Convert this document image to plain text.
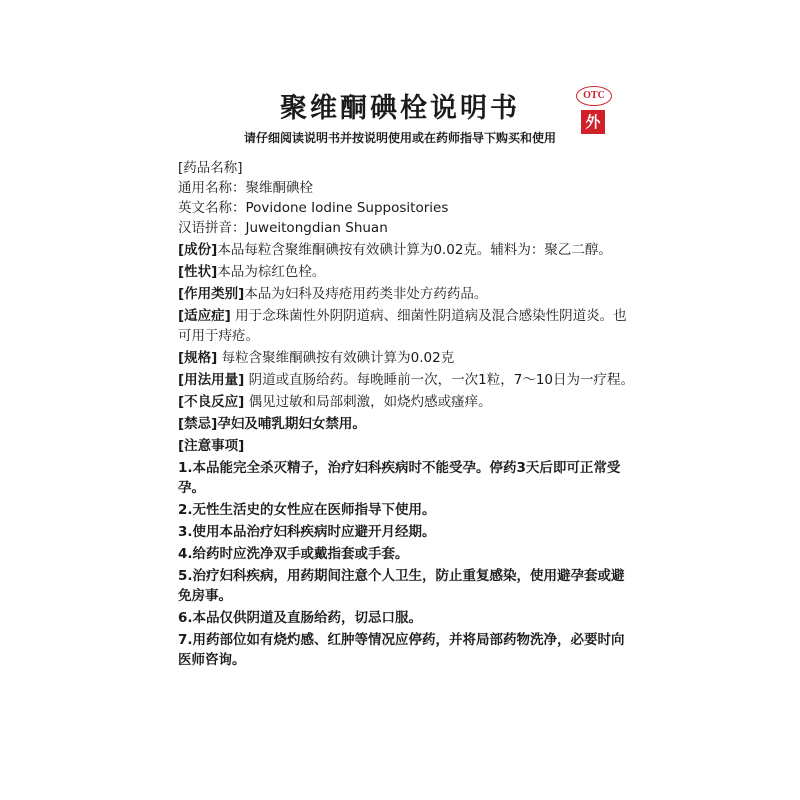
聚维酮碘栓说明书
请仔细阅读说明书并按说明使用或在药师指导下购买和使用
OTC
外

[药品名称]

通用名称：聚维酮碘栓

英文名称：Povidone Iodine Suppositories

汉语拼音：Juweitongdian Shuan

[成份]本品每粒含聚维酮碘按有效碘计算为0.02克。辅料为：聚乙二醇。

[性状]本品为棕红色栓。

[作用类别]本品为妇科及痔疮用药类非处方药药品。

[适应症] 用于念珠菌性外阴阴道病、细菌性阴道病及混合感染性阴道炎。也可用于痔疮。

[规格] 每粒含聚维酮碘按有效碘计算为0.02克

[用法用量] 阴道或直肠给药。每晚睡前一次，一次1粒，7～10日为一疗程。

[不良反应] 偶见过敏和局部刺激，如烧灼感或瘙痒。

[禁忌]孕妇及哺乳期妇女禁用。

[注意事项]

1.本品能完全杀灭精子，治疗妇科疾病时不能受孕。停药3天后即可正常受孕。

2.无性生活史的女性应在医师指导下使用。

3.使用本品治疗妇科疾病时应避开月经期。

4.给药时应洗净双手或戴指套或手套。

5.治疗妇科疾病，用药期间注意个人卫生，防止重复感染，使用避孕套或避免房事。

6.本品仅供阴道及直肠给药，切忌口服。

7.用药部位如有烧灼感、红肿等情况应停药，并将局部药物洗净，必要时向医师咨询。
